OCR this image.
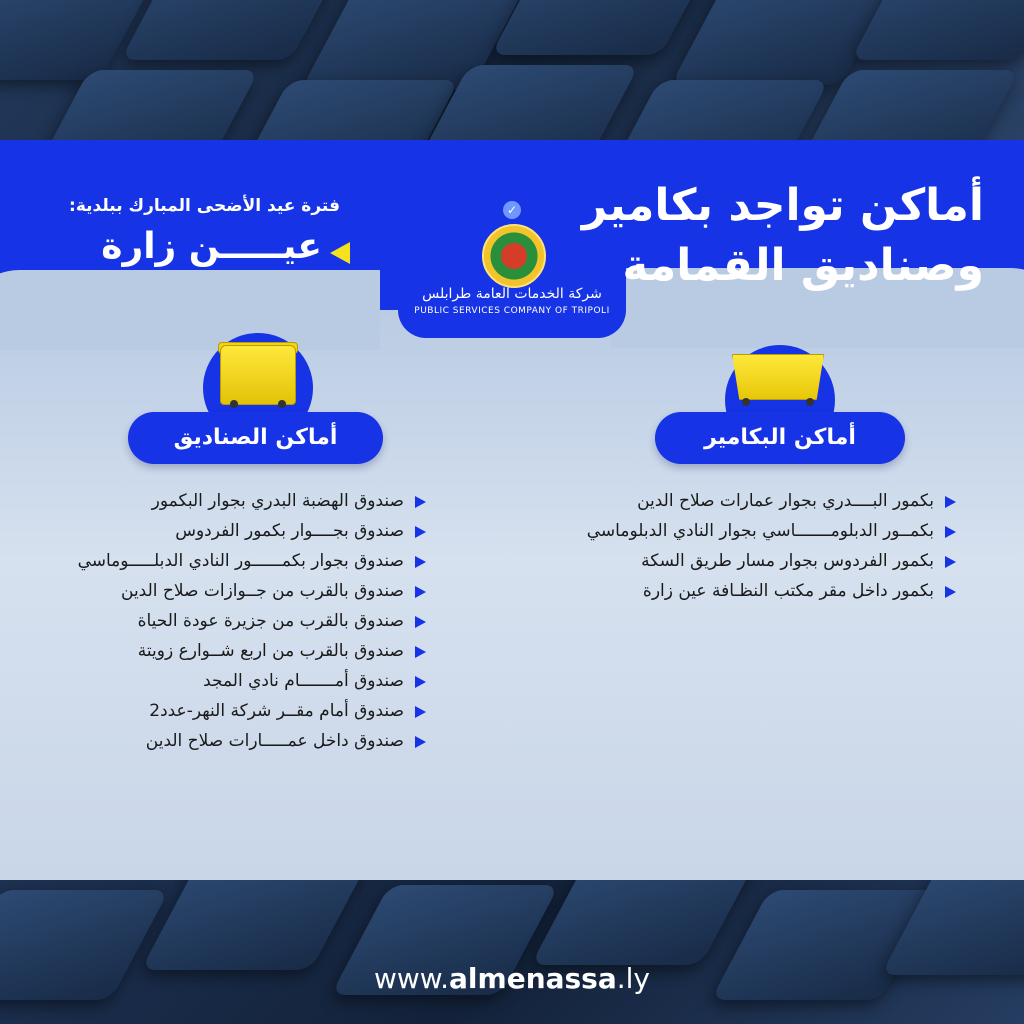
أماكن تواجد بكامير
وصناديق القمامة
فترة عيد الأضحى المبارك ببلدية:
عيـــــن زارة
✓
شركة الخدمات العامة طرابلس
PUBLIC SERVICES COMPANY OF TRIPOLI
أماكن البكامير
بكمور البــــدري بجوار عمارات صلاح الدين
بكمــور الدبلومـــــــاسي بجوار النادي الدبلوماسي
بكمور الفردوس بجوار مسار طريق السكة
بكمور داخل مقر مكتب النظـافة عين زارة
أماكن الصناديق
صندوق الهضبة البدري بجوار البكمور
صندوق بجــــوار بكمور الفردوس
صندوق بجوار بكمــــــور النادي الدبلـــــوماسي
صندوق بالقرب من جــوازات صلاح الدين
صندوق بالقرب من جزيرة عودة الحياة
صندوق بالقرب من اربع شــوارع زويتة
صندوق أمـــــــام نادي المجد
صندوق أمام مقــر شركة النهر-عدد2
صندوق داخل عمـــــارات صلاح الدين
www.almenassa.ly
